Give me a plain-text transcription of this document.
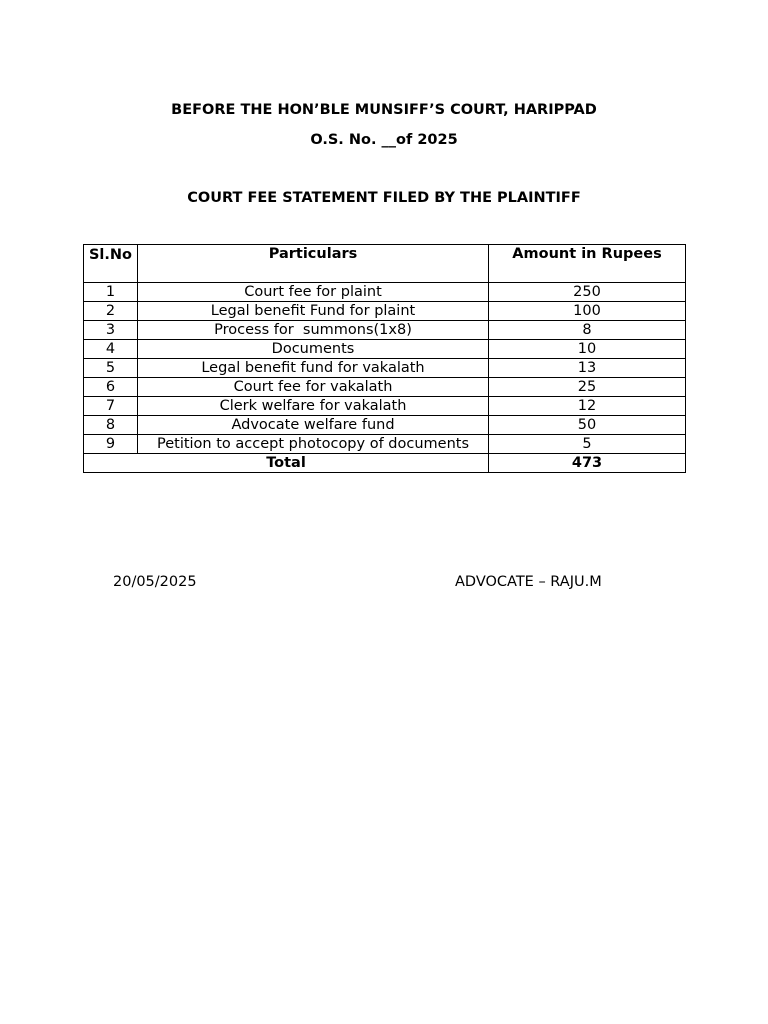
BEFORE THE HON’BLE MUNSIFF’S COURT, HARIPPAD
O.S. No. __of 2025
COURT FEE STATEMENT FILED BY THE PLAINTIFF
Sl.No	Particulars	Amount in Rupees
1	Court fee for plaint	250
2	Legal benefit Fund for plaint	100
3	Process for  summons(1x8)	8
4	Documents	10
5	Legal benefit fund for vakalath	13
6	Court fee for vakalath	25
7	Clerk welfare for vakalath	12
8	Advocate welfare fund	50
9	Petition to accept photocopy of documents	5
Total		473
20/05/2025	ADVOCATE – RAJU.M
